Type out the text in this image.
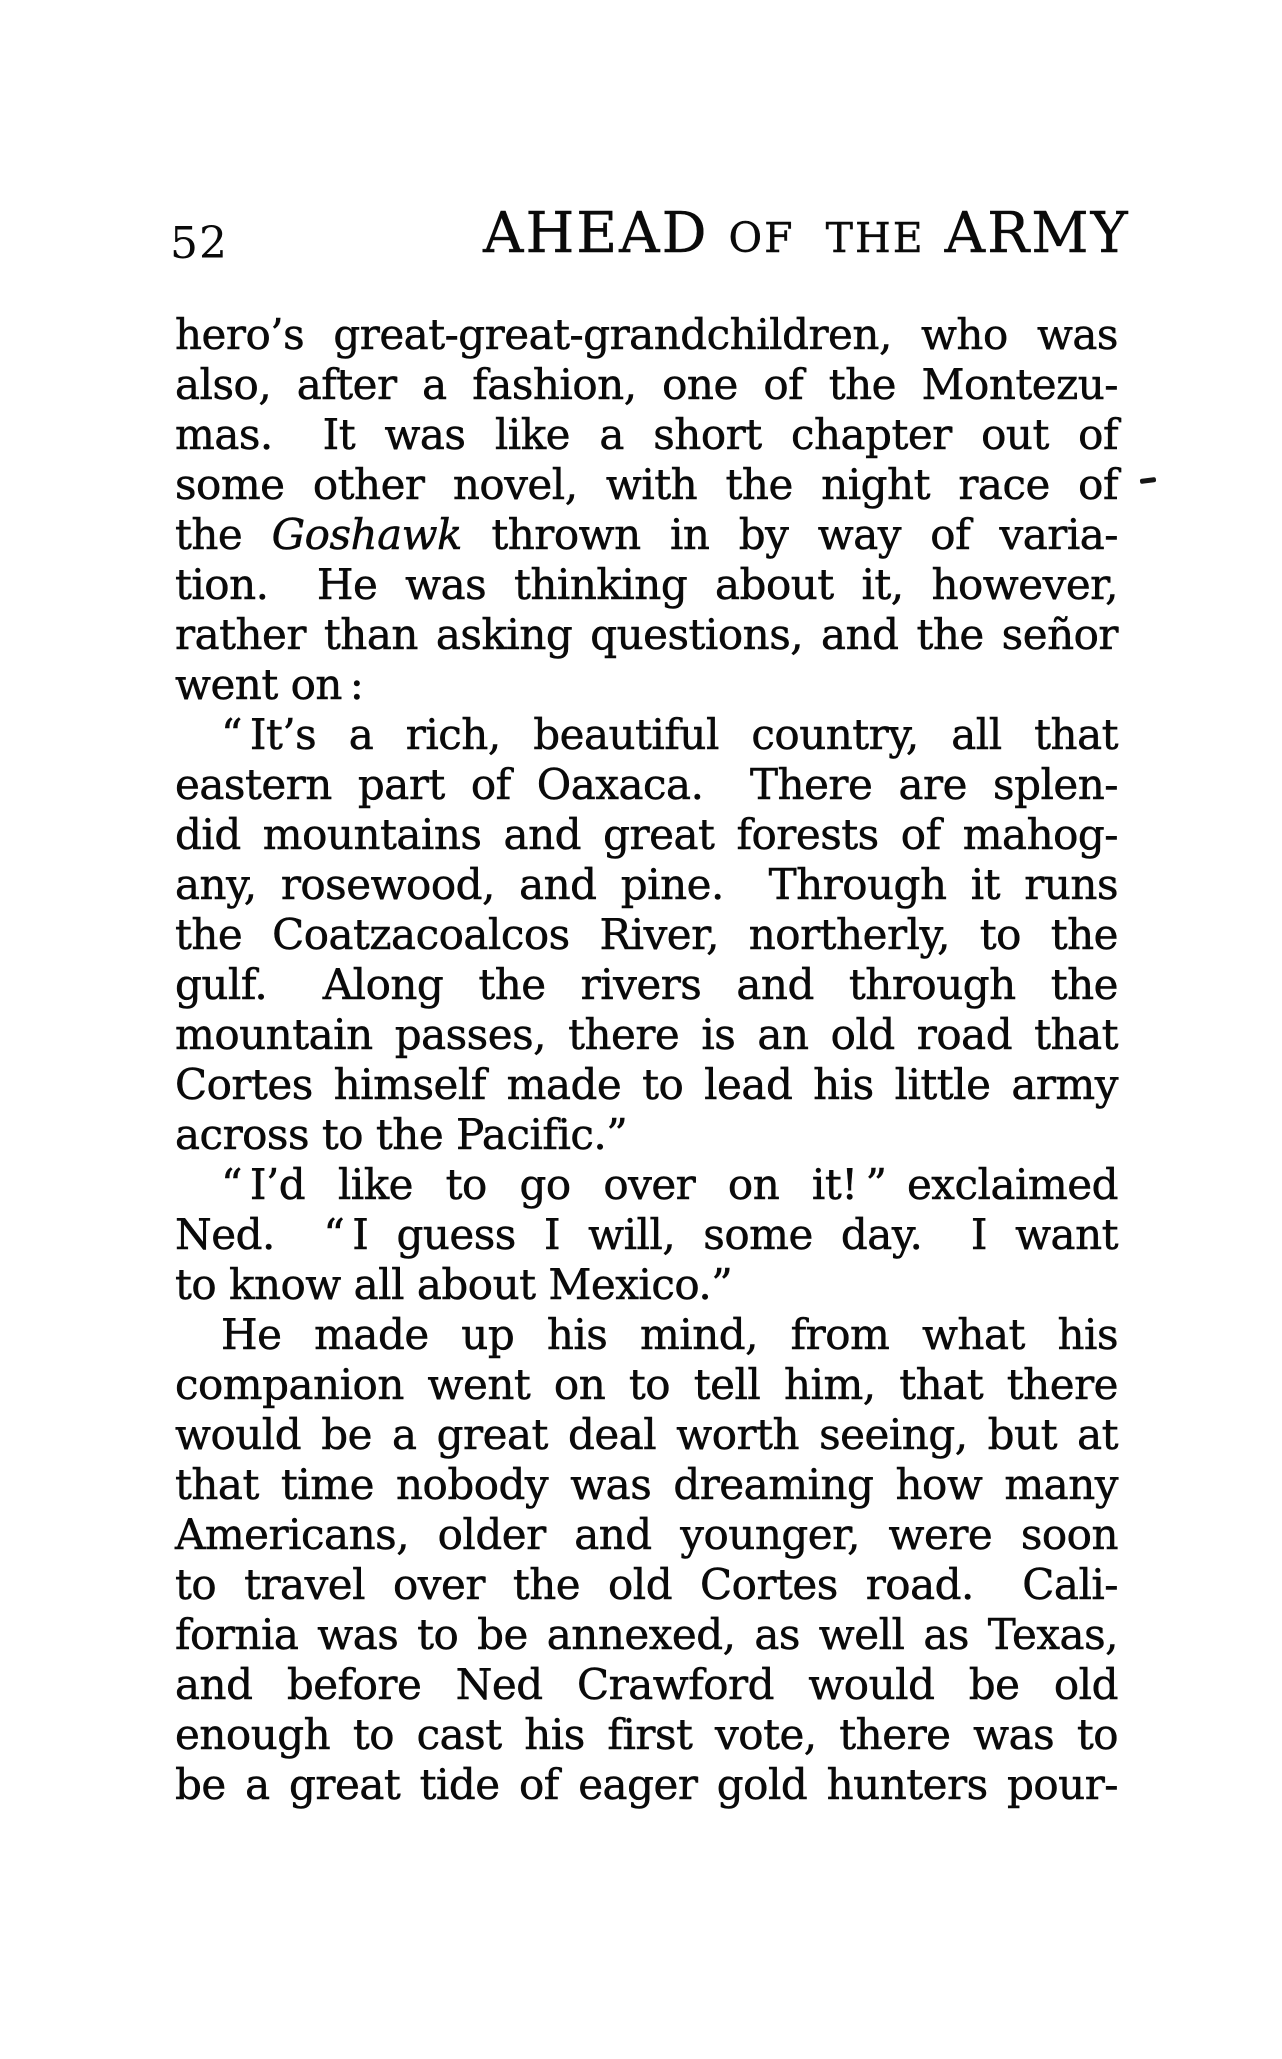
52	AHEAD OF THE ARMY
hero’s great-great-grandchildren, who was
also, after a fashion, one of the Montezu-
mas.  It was like a short chapter out of
some other novel, with the night race of
the Goshawk thrown in by way of varia-
tion.  He was thinking about it, however,
rather than asking questions, and the señor
went on :
“ It’s a rich, beautiful country, all that
eastern part of Oaxaca.  There are splen-
did mountains and great forests of mahog-
any, rosewood, and pine.  Through it runs
the Coatzacoalcos River, northerly, to the
gulf.  Along the rivers and through the
mountain passes, there is an old road that
Cortes himself made to lead his little army
across to the Pacific.”
“ I’d like to go over on it! ” exclaimed
Ned.  “ I guess I will, some day.  I want
to know all about Mexico.”
He made up his mind, from what his
companion went on to tell him, that there
would be a great deal worth seeing, but at
that time nobody was dreaming how many
Americans, older and younger, were soon
to travel over the old Cortes road.  Cali-
fornia was to be annexed, as well as Texas,
and before Ned Crawford would be old
enough to cast his first vote, there was to
be a great tide of eager gold hunters pour-
